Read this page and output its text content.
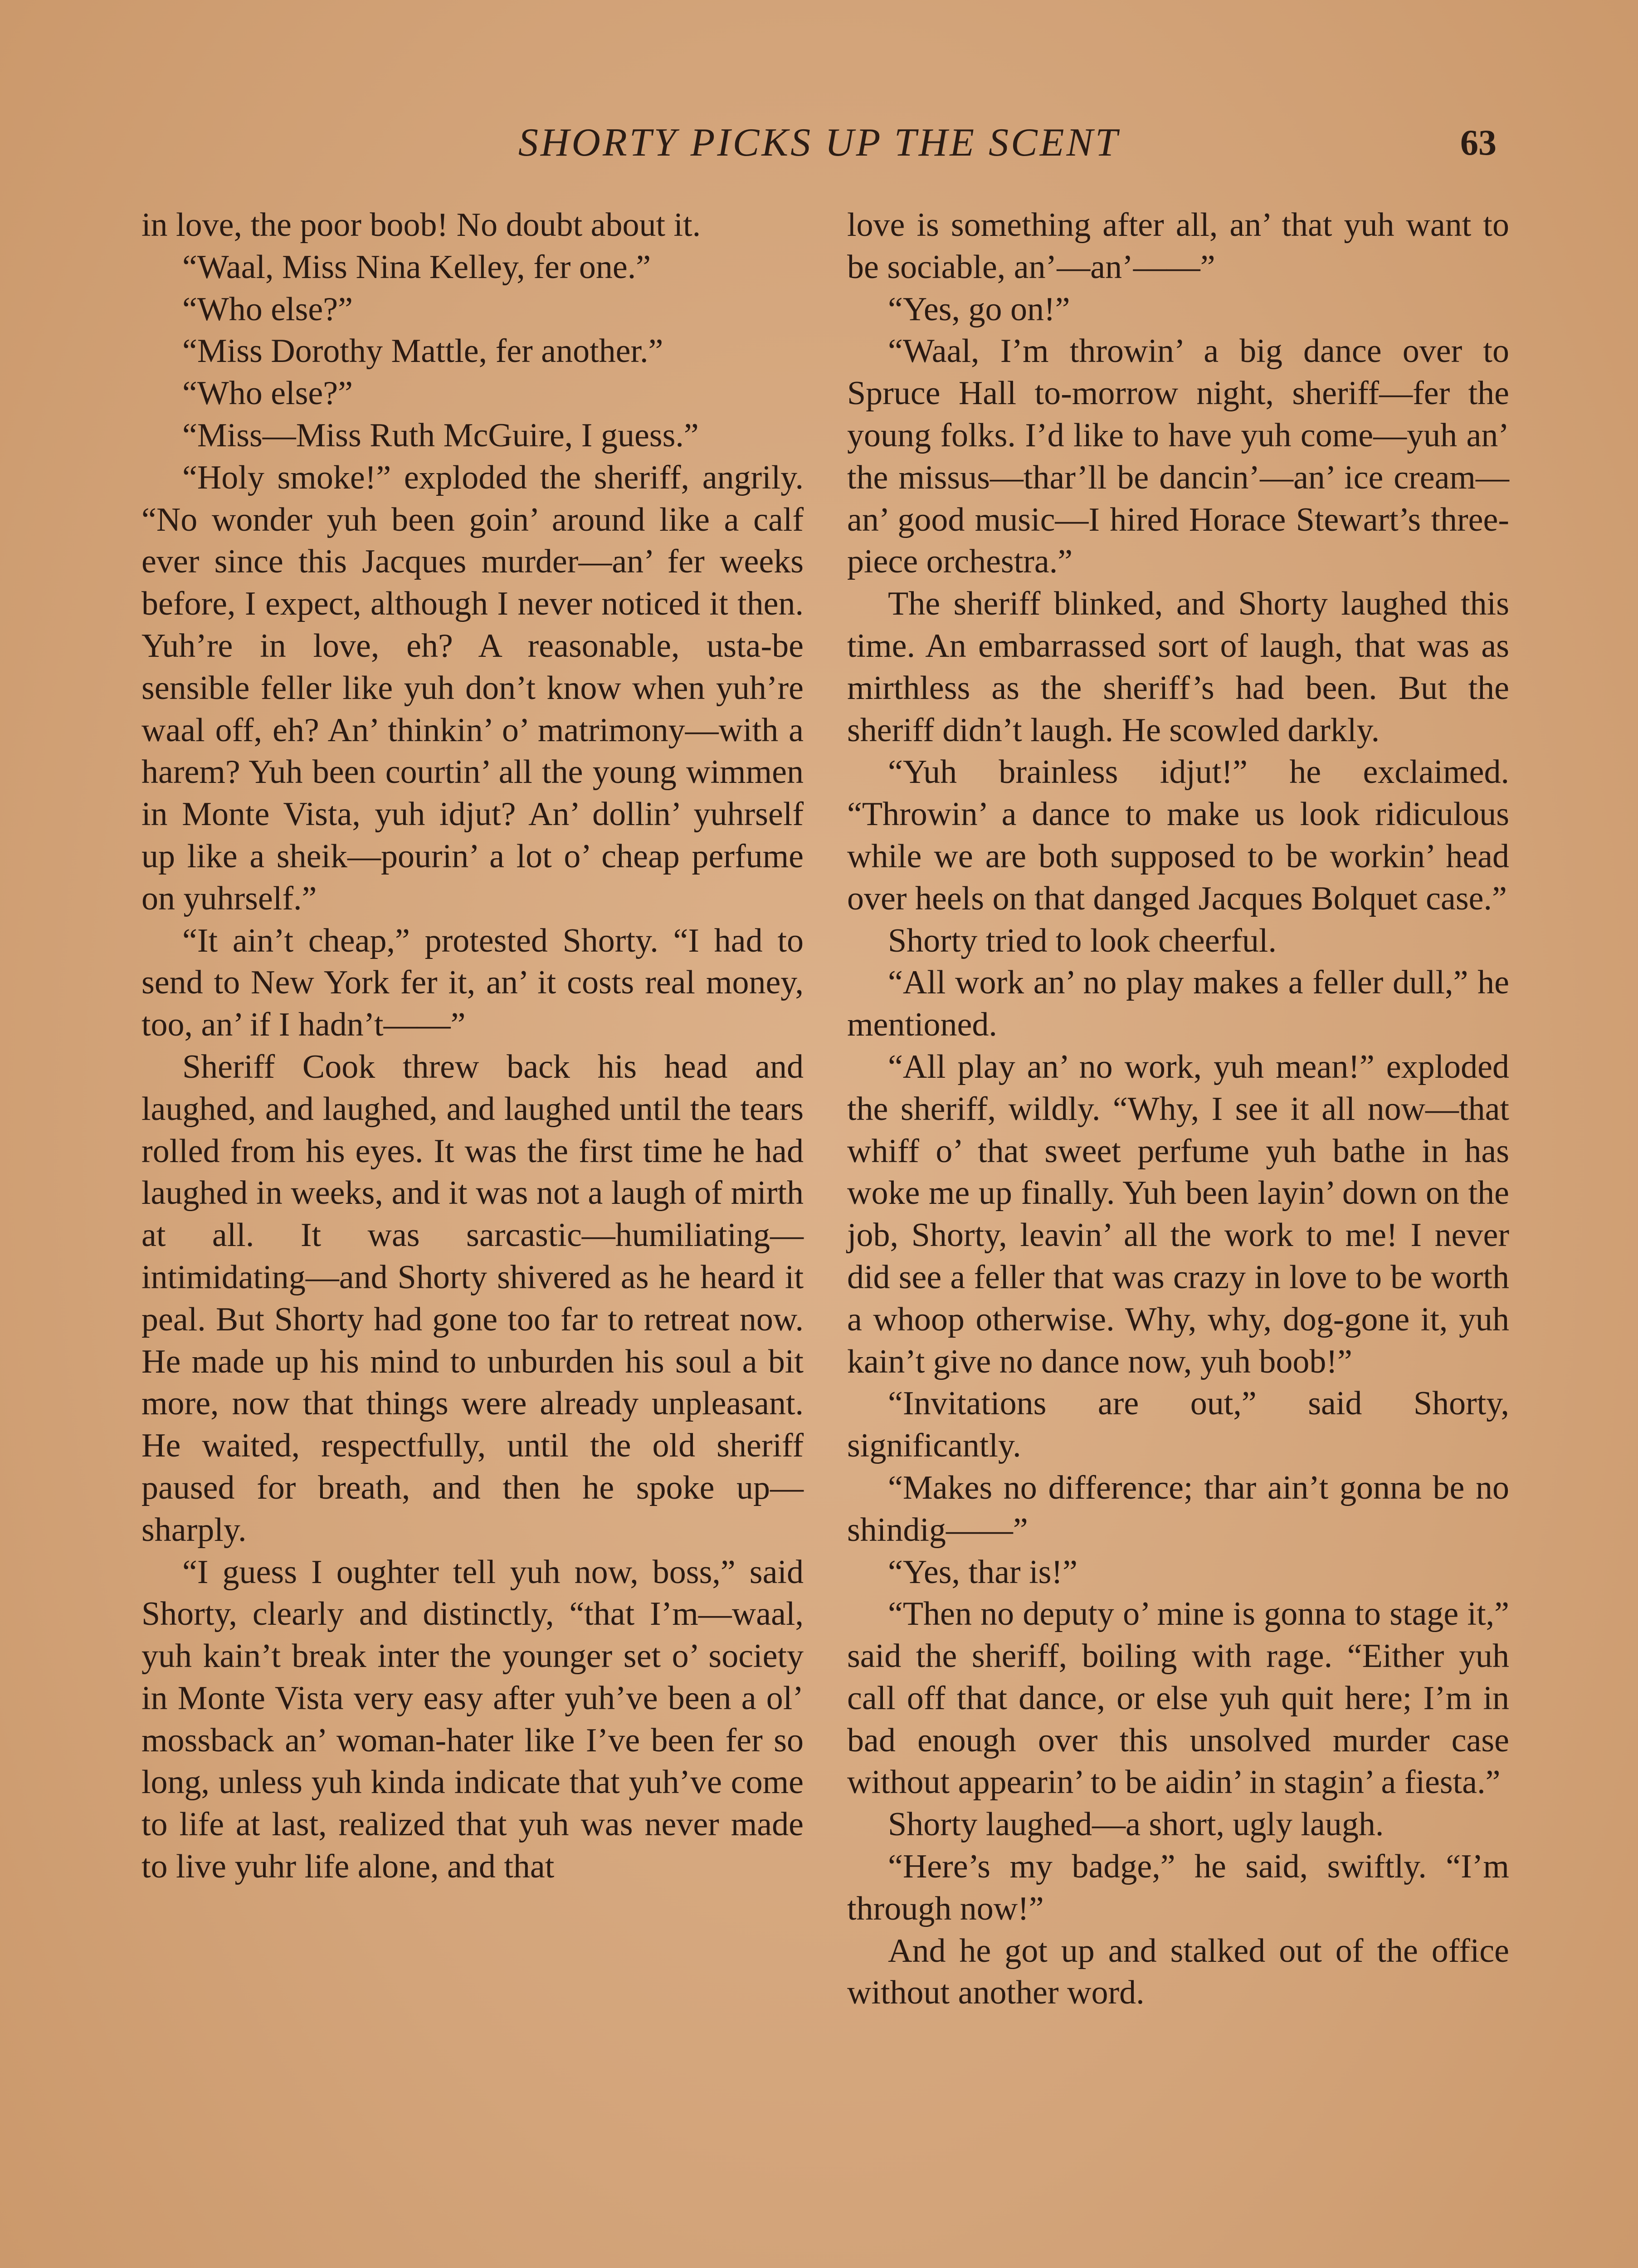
SHORTY PICKS UP THE SCENT	63

in love, the poor boob! No doubt about it.

“Waal, Miss Nina Kelley, fer one.”

“Who else?”

“Miss Dorothy Mattle, fer another.”

“Who else?”

“Miss—Miss Ruth McGuire, I guess.”

“Holy smoke!” exploded the sheriff, angrily. “No wonder yuh been goin’ around like a calf ever since this Jacques murder—an’ fer weeks before, I expect, although I never noticed it then. Yuh’re in love, eh? A reasonable, usta-be sensible feller like yuh don’t know when yuh’re waal off, eh? An’ thinkin’ o’ matrimony—with a harem? Yuh been courtin’ all the young wimmen in Monte Vista, yuh idjut? An’ dollin’ yuhrself up like a sheik—pourin’ a lot o’ cheap perfume on yuhrself.”

“It ain’t cheap,” protested Shorty. “I had to send to New York fer it, an’ it costs real money, too, an’ if I hadn’t——”

Sheriff Cook threw back his head and laughed, and laughed, and laughed until the tears rolled from his eyes. It was the first time he had laughed in weeks, and it was not a laugh of mirth at all. It was sarcastic—humiliating—intimidating—and Shorty shivered as he heard it peal. But Shorty had gone too far to retreat now. He made up his mind to unburden his soul a bit more, now that things were already unpleasant. He waited, respectfully, until the old sheriff paused for breath, and then he spoke up—sharply.

“I guess I oughter tell yuh now, boss,” said Shorty, clearly and distinctly, “that I’m—waal, yuh kain’t break inter the younger set o’ society in Monte Vista very easy after yuh’ve been a ol’ mossback an’ woman-hater like I’ve been fer so long, unless yuh kinda indicate that yuh’ve come to life at last, realized that yuh was never made to live yuhr life alone, and that

love is something after all, an’ that yuh want to be sociable, an’—an’——”

“Yes, go on!”

“Waal, I’m throwin’ a big dance over to Spruce Hall to-morrow night, sheriff—fer the young folks. I’d like to have yuh come—yuh an’ the missus—thar’ll be dancin’—an’ ice cream—an’ good music—I hired Horace Stewart’s three-piece orchestra.”

The sheriff blinked, and Shorty laughed this time. An embarrassed sort of laugh, that was as mirthless as the sheriff’s had been. But the sheriff didn’t laugh. He scowled darkly.

“Yuh brainless idjut!” he exclaimed. “Throwin’ a dance to make us look ridiculous while we are both supposed to be workin’ head over heels on that danged Jacques Bolquet case.”

Shorty tried to look cheerful.

“All work an’ no play makes a feller dull,” he mentioned.

“All play an’ no work, yuh mean!” exploded the sheriff, wildly. “Why, I see it all now—that whiff o’ that sweet perfume yuh bathe in has woke me up finally. Yuh been layin’ down on the job, Shorty, leavin’ all the work to me! I never did see a feller that was crazy in love to be worth a whoop otherwise. Why, why, dog-gone it, yuh kain’t give no dance now, yuh boob!”

“Invitations are out,” said Shorty, significantly.

“Makes no difference; thar ain’t gonna be no shindig——”

“Yes, thar is!”

“Then no deputy o’ mine is gonna to stage it,” said the sheriff, boiling with rage. “Either yuh call off that dance, or else yuh quit here; I’m in bad enough over this unsolved murder case without appearin’ to be aidin’ in stagin’ a fiesta.”

Shorty laughed—a short, ugly laugh.

“Here’s my badge,” he said, swiftly. “I’m through now!”

And he got up and stalked out of the office without another word.
